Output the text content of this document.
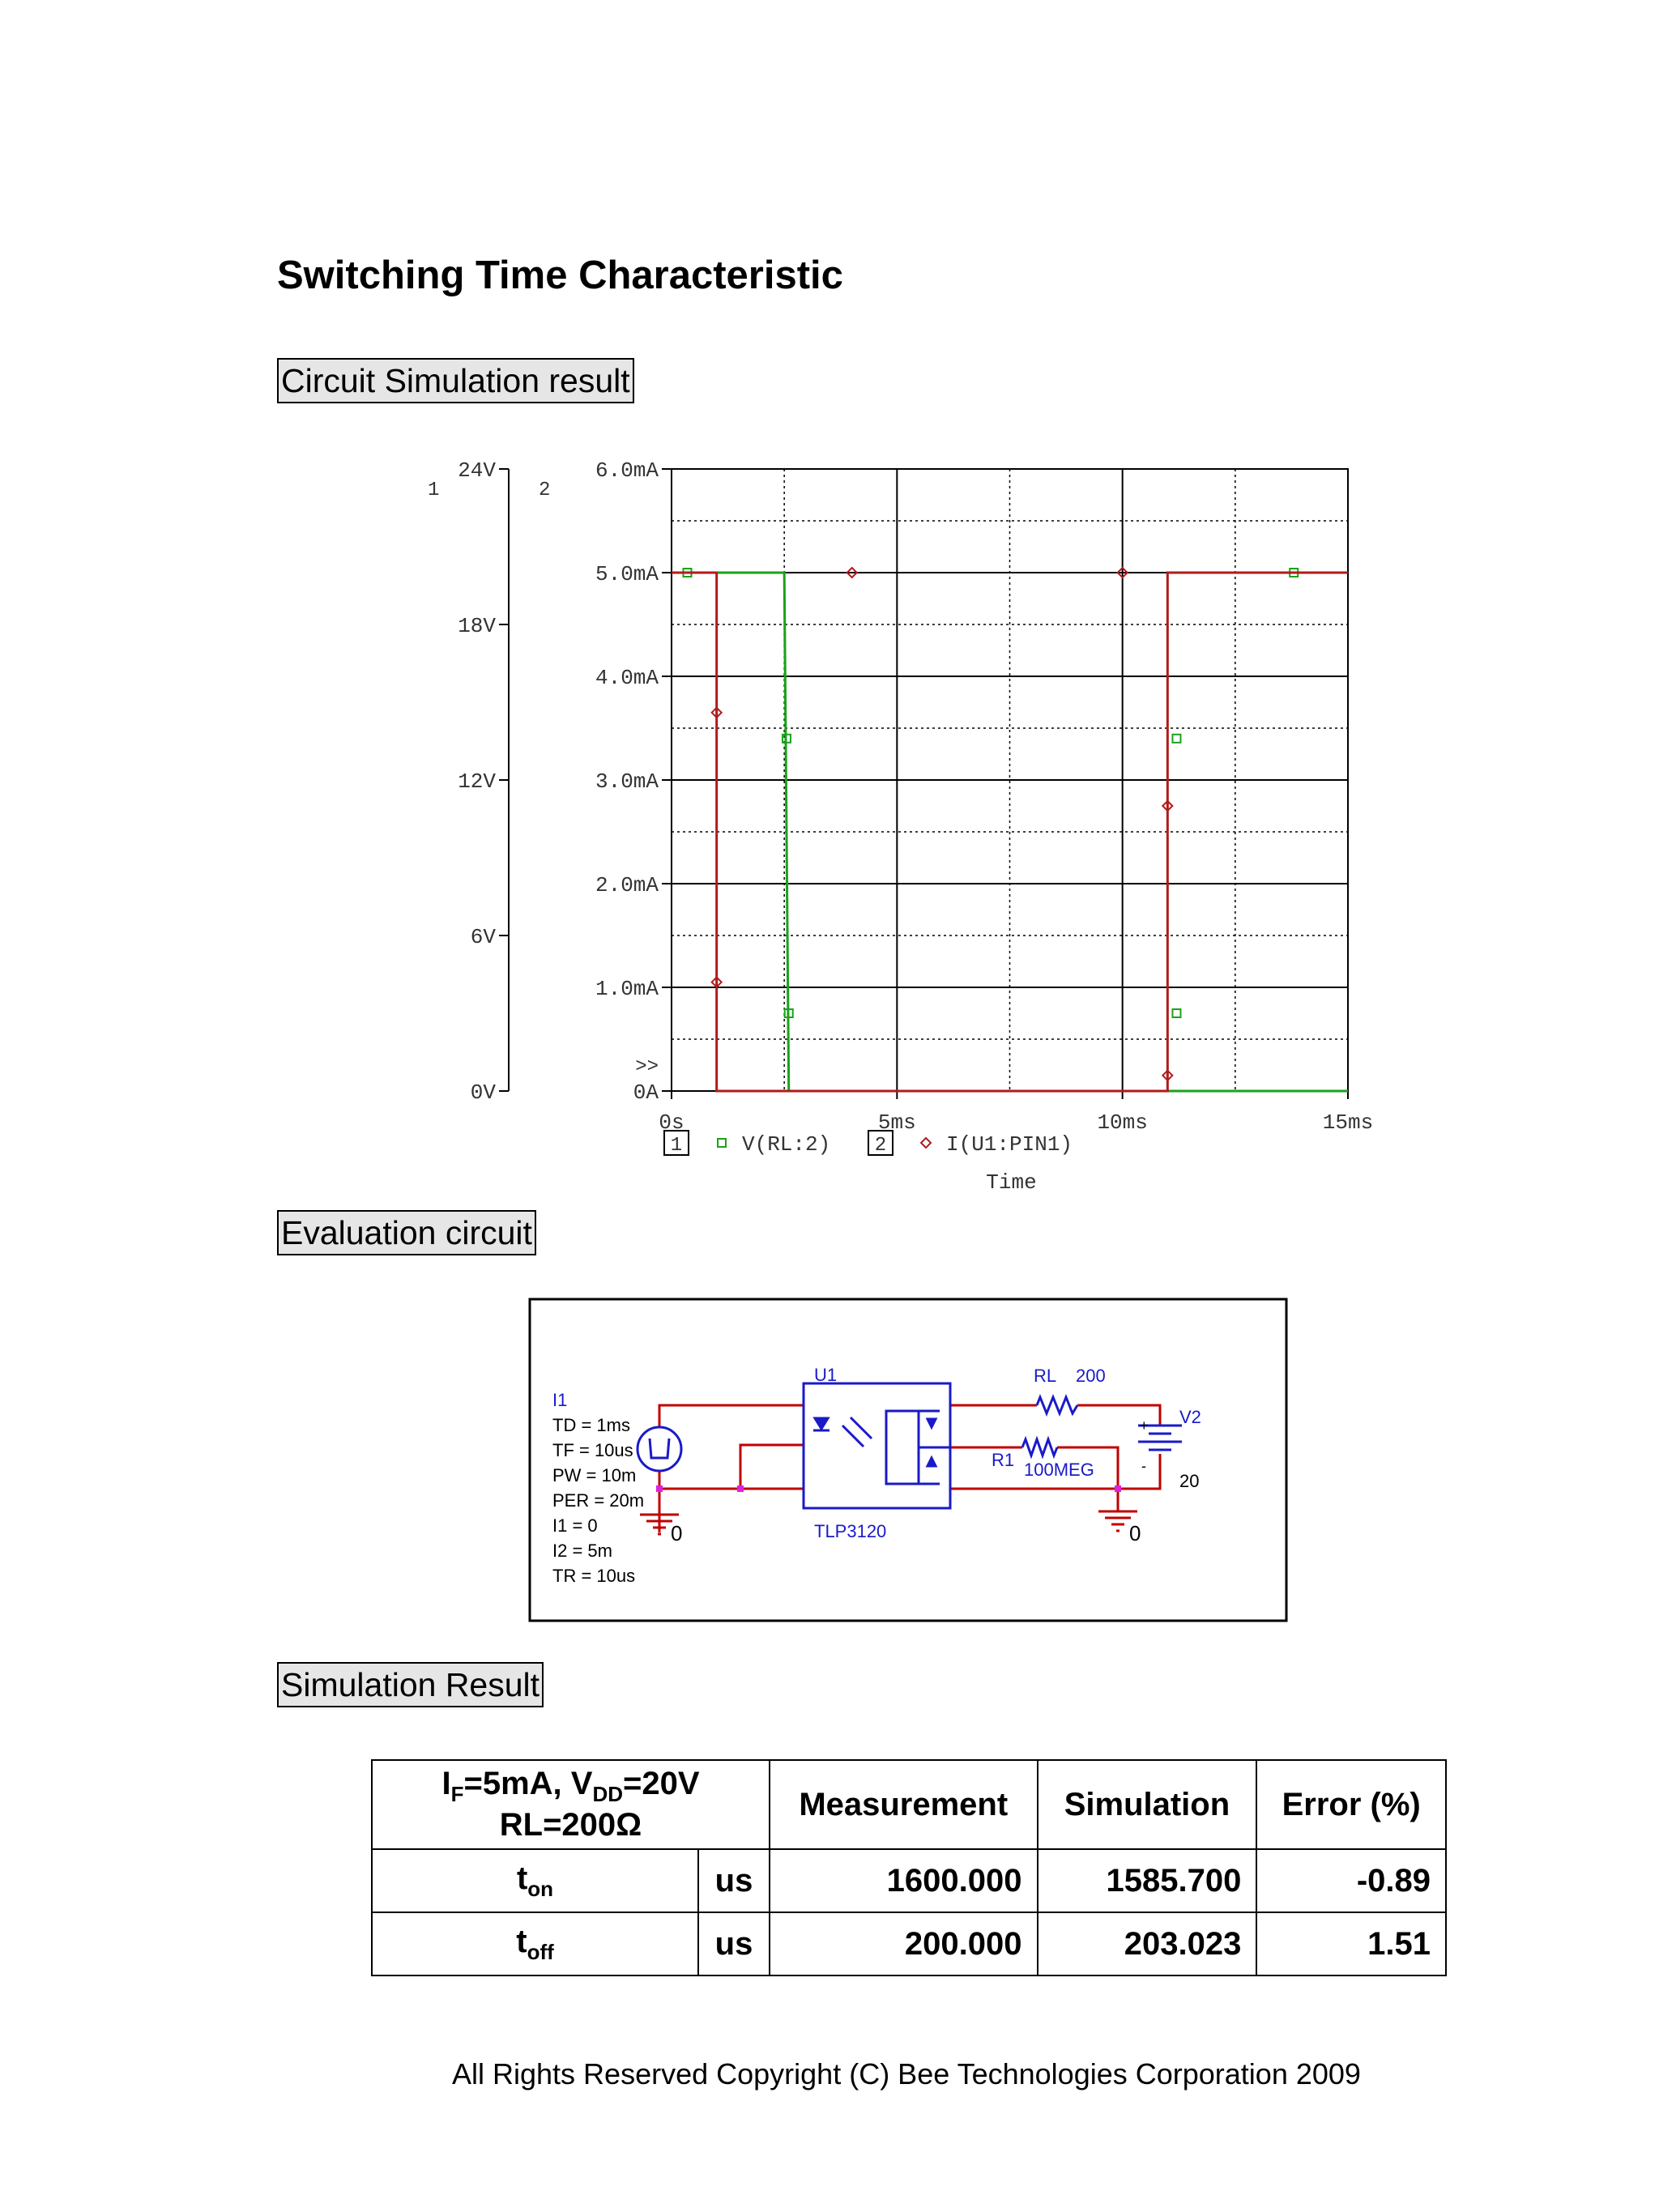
Switching Time Characteristic
Circuit Simulation result
Evaluation circuit
Simulation Result
0V
6V
12V
18V
24V
1	2
0A
1.0mA
2.0mA
3.0mA
4.0mA
5.0mA
6.0mA
>>
0s	5ms	10ms	15ms
Time
1	V(RL:2) 2	I(U1:PIN1)
I1
TD = 1ms
TF = 10us
PW = 10m
PER = 20m
I1 = 0
I2 = 5m
TR = 10us
0	0
U1
TLP3120
RL 200
R1 100MEG
V2
20
+
-
$I_F=5mA$, $V_{DD}=20V$
RL=200Ω		Measurement	Simulation	Error (%)
$t_{on}$	us	1600.000	1585.700	-0.89
$t_{off}$	us	200.000	203.023	1.51
All Rights Reserved Copyright (C) Bee Technologies Corporation 2009
